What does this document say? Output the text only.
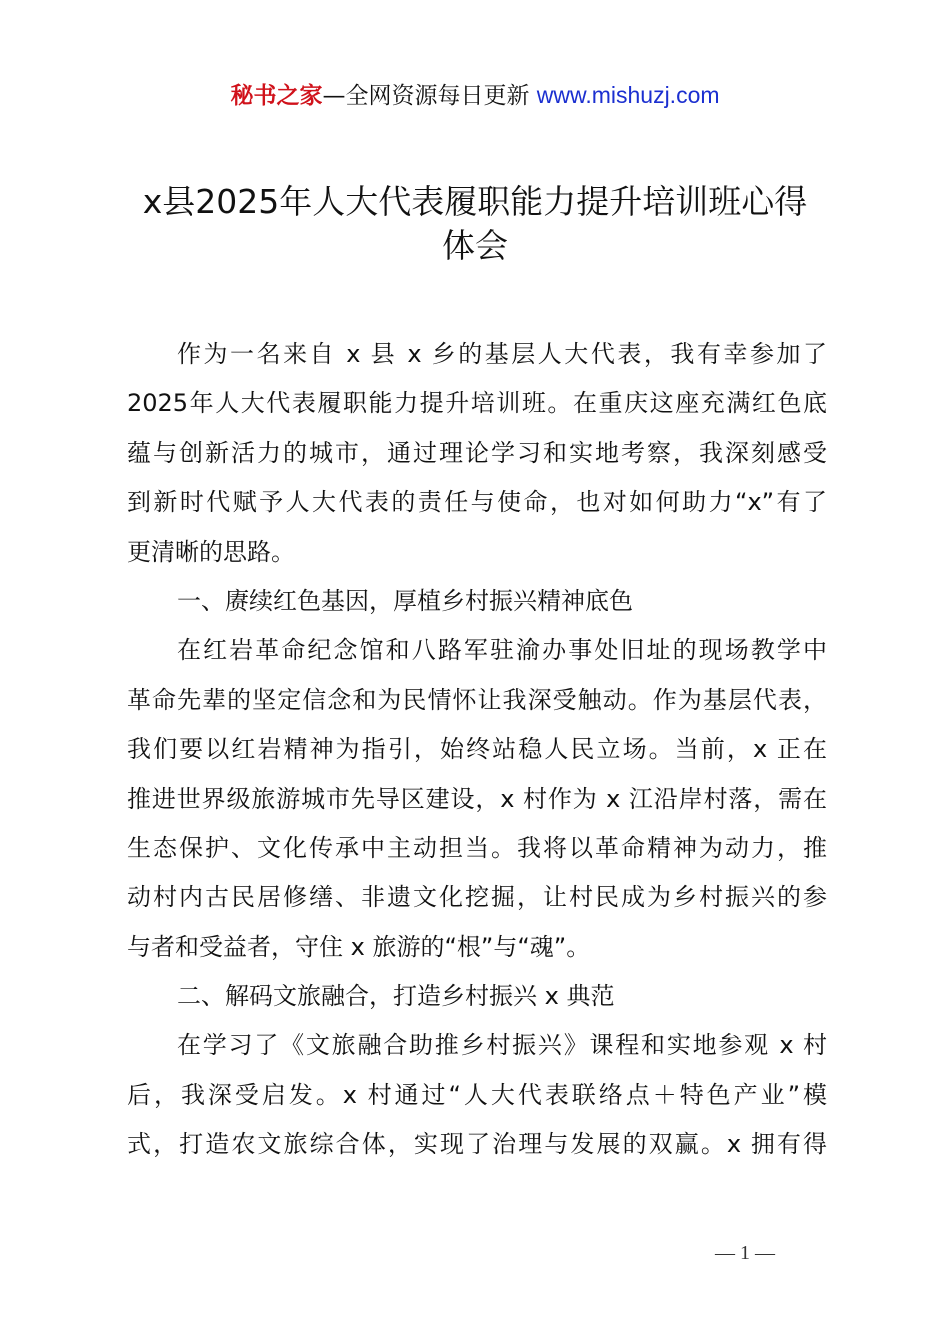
秘书之家—全网资源每日更新 www.mishuzj.com
x县2025年人大代表履职能力提升培训班心得
体会
作为一名来自 x 县 x 乡的基层人大代表，我有幸参加了
2025年人大代表履职能力提升培训班。在重庆这座充满红色底
蕴与创新活力的城市，通过理论学习和实地考察，我深刻感受
到新时代赋予人大代表的责任与使命，也对如何助力“x”有了
更清晰的思路。
一、赓续红色基因，厚植乡村振兴精神底色
在红岩革命纪念馆和八路军驻渝办事处旧址的现场教学中
革命先辈的坚定信念和为民情怀让我深受触动。作为基层代表，
我们要以红岩精神为指引，始终站稳人民立场。当前，x 正在
推进世界级旅游城市先导区建设，x 村作为 x 江沿岸村落，需在
生态保护、文化传承中主动担当。我将以革命精神为动力，推
动村内古民居修缮、非遗文化挖掘，让村民成为乡村振兴的参
与者和受益者，守住 x 旅游的“根”与“魂”。
二、解码文旅融合，打造乡村振兴 x 典范
在学习了《文旅融合助推乡村振兴》课程和实地参观 x 村
后，我深受启发。x 村通过“人大代表联络点＋特色产业”模
式，打造农文旅综合体，实现了治理与发展的双赢。x 拥有得
— 1 —
